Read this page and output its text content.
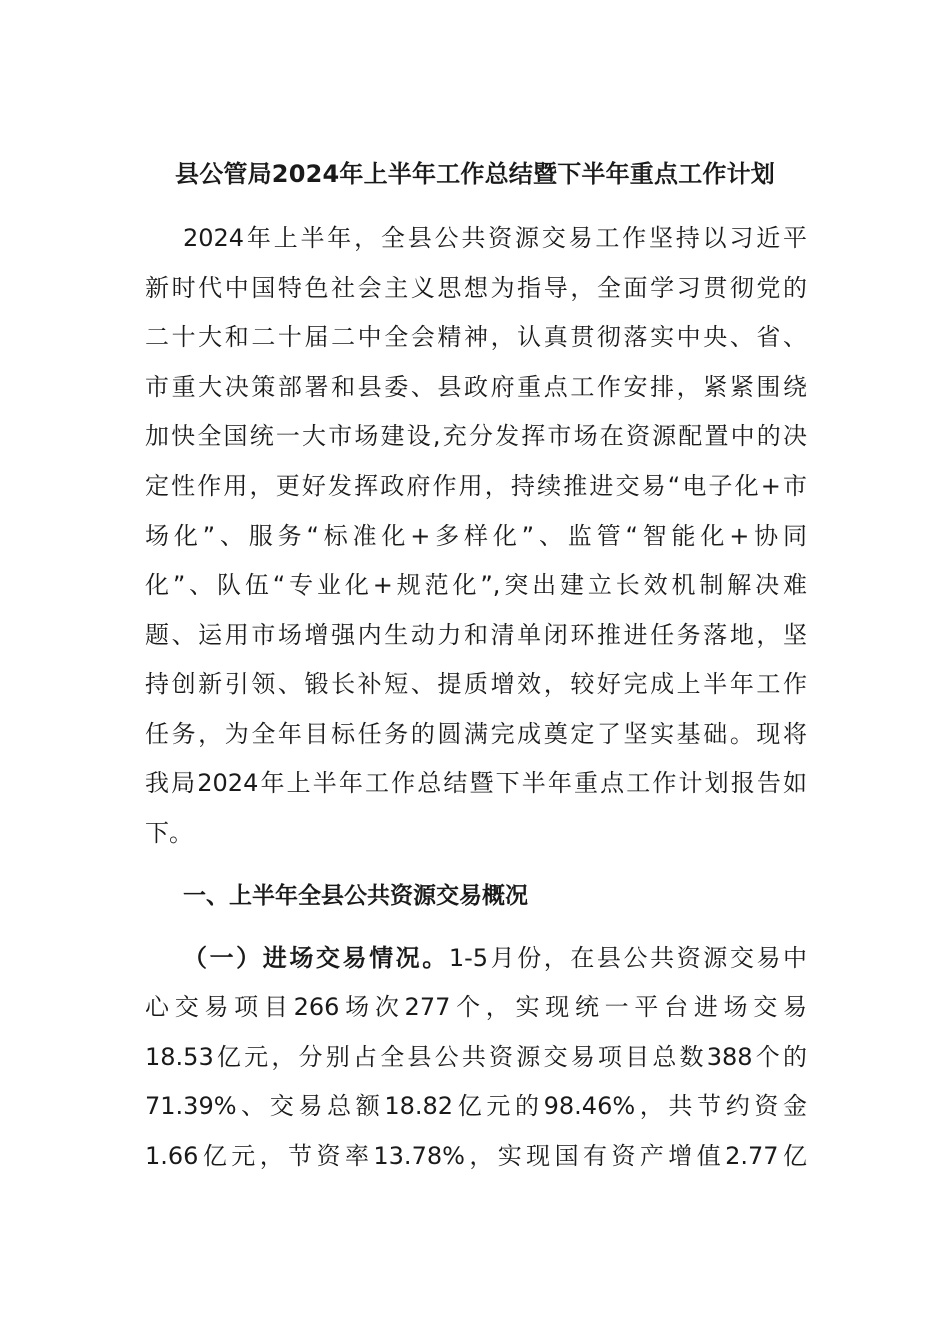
县公管局2024年上半年工作总结暨下半年重点工作计划

2024年上半年，全县公共资源交易工作坚持以习近平

新时代中国特色社会主义思想为指导，全面学习贯彻党的

二十大和二十届二中全会精神，认真贯彻落实中央、省、

市重大决策部署和县委、县政府重点工作安排，紧紧围绕

加快全国统一大市场建设,充分发挥市场在资源配置中的决

定性作用，更好发挥政府作用，持续推进交易“电子化+市

场化”、服务“标准化+多样化”、监管“智能化+协同

化”、队伍“专业化+规范化”,突出建立长效机制解决难

题、运用市场增强内生动力和清单闭环推进任务落地，坚

持创新引领、锻长补短、提质增效，较好完成上半年工作

任务，为全年目标任务的圆满完成奠定了坚实基础。现将

我局2024年上半年工作总结暨下半年重点工作计划报告如

下。

一、上半年全县公共资源交易概况

（一）进场交易情况。1-5月份，在县公共资源交易中

心交易项目266场次277个，实现统一平台进场交易

18.53亿元，分别占全县公共资源交易项目总数388个的

71.39%、交易总额18.82亿元的98.46%，共节约资金

1.66亿元，节资率13.78%，实现国有资产增值2.77亿
